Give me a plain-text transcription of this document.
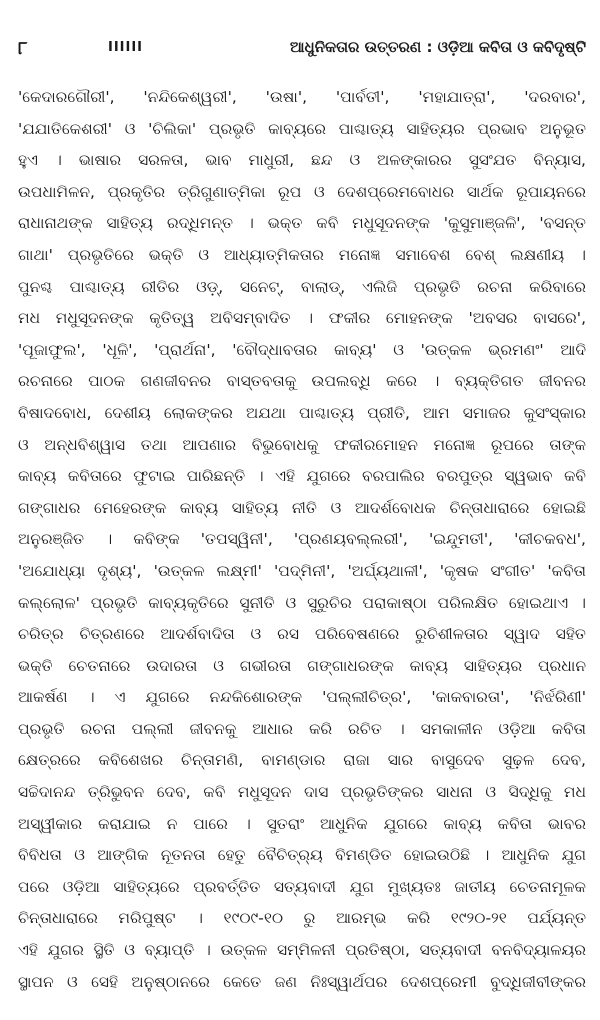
୮	IIIIII	ଆଧୁନିକତାର ଉତ୍ତରଣ : ଓଡ଼ିଆ କବିତା ଓ କବିଦୃଷ୍ଟି
'କେଦାରଗୌରୀ', 'ନନ୍ଦିକେଶ୍ୱରୀ', 'ଉଷା', 'ପାର୍ବତୀ', 'ମହାଯାତ୍ରା', 'ଦରବାର',
'ଯଯାତିକେଶରୀ' ଓ 'ଚିଲିକା' ପ୍ରଭୃତି କାବ୍ୟରେ ପାଶ୍ଚାତ୍ୟ ସାହିତ୍ୟର ପ୍ରଭାବ ଅନୁଭୂତ
ହୁଏ । ଭାଷାର ସରଳତା, ଭାବ ମାଧୁରୀ, ଛନ୍ଦ ଓ ଅଳଙ୍କାରର ସୁସଂଯତ ବିନ୍ୟାସ,
ଉପଧାମିଳନ, ପ୍ରକୃତିର ତ୍ରିଗୁଣାତ୍ମିକା ରୂପ ଓ ଦେଶପ୍ରେମବୋଧର ସାର୍ଥକ ରୂପାୟନରେ
ରାଧାନାଥଙ୍କ ସାହିତ୍ୟ ରଦ୍ଧିମନ୍ତ । ଭକ୍ତ କବି ମଧୁସୂଦନଙ୍କ 'କୁସୁମାଞ୍ଜଳି', 'ବସନ୍ତ
ଗାଥା' ପ୍ରଭୃତିରେ ଭକ୍ତି ଓ ଆଧ୍ୟାତ୍ମିକତାର ମନୋଜ୍ଞ ସମାବେଶ ବେଶ୍ ଲକ୍ଷଣୀୟ ।
ପୁନଶ୍ଚ ପାଶ୍ଚାତ୍ୟ ରୀତିର ଓଡ଼୍, ସନେଟ୍, ବାଲାଡ୍, ଏଲିଜି ପ୍ରଭୃତି ରଚନା କରିବାରେ
ମଧ ମଧୁସୂଦନଙ୍କ କୃତିତ୍ୱ ଅବିସମ୍ବାଦିତ । ଫକୀର ମୋହନଙ୍କ 'ଅବସର ବାସରେ',
'ପୂଜାଫୁଲ', 'ଧୂଳି', 'ପ୍ରାର୍ଥନା', 'ବୌଦ୍ଧାବତାର କାବ୍ୟ' ଓ 'ଉତ୍କଳ ଭ୍ରମଣଂ' ଆଦି
ରଚନାରେ ପାଠକ ଗଣଜୀବନର ବାସ୍ତବତାକୁ ଉପଲବ୍ଧି କରେ । ବ୍ୟକ୍ତିଗତ ଜୀବନର
ବିଷାଦବୋଧ, ଦେଶୀୟ ଲୋକଙ୍କର ଅଯଥା ପାଶ୍ଚାତ୍ୟ ପ୍ରୀତି, ଆମ ସମାଜର କୁସଂସ୍କାର
ଓ ଅନ୍ଧବିଶ୍ୱାସ ତଥା ଆପଣାର ବିଭୁବୋଧକୁ ଫକୀରମୋହନ ମନୋଜ୍ଞ ରୂପରେ ତାଙ୍କ
କାବ୍ୟ କବିତାରେ ଫୁଟାଇ ପାରିଛନ୍ତି । ଏହି ଯୁଗରେ ବରପାଲିର ବରପୁତ୍ର ସ୍ୱଭାବ କବି
ଗଙ୍ଗାଧର ମେହେରଙ୍କ କାବ୍ୟ ସାହିତ୍ୟ ନୀତି ଓ ଆଦର୍ଶବୋଧକ ଚିନ୍ତାଧାରାରେ ହୋଇଛି
ଅନୁରଞ୍ଜିତ । କବିଙ୍କ 'ତପସ୍ୱିନୀ', 'ପ୍ରଣୟବଲ୍ଲରୀ', 'ଇନ୍ଦୁମତୀ', 'କୀଚକବଧ',
'ଅଯୋଧ୍ୟା ଦୃଶ୍ୟ', 'ଉତ୍କଳ ଲକ୍ଷ୍ମୀ' 'ପଦ୍ମିନୀ', 'ଅର୍ଘ୍ୟଥାଳୀ', 'କୃଷକ ସଂଗୀତ' 'କବିତା
କଲ୍ଲୋଳ' ପ୍ରଭୃତି କାବ୍ୟକୃତିରେ ସୁନୀତି ଓ ସୁରୁଚିର ପରାକାଷ୍ଠା ପରିଲକ୍ଷିତ ହୋଇଥାଏ ।
ଚରିତ୍ର ଚିତ୍ରଣରେ ଆଦର୍ଶବାଦିତା ଓ ରସ ପରିବେଷଣରେ ରୁଚିଶୀଳତାର ସ୍ୱାଦ ସହିତ
ଭକ୍ତି ଚେତନାରେ ଉଦାରତା ଓ ଗଭୀରତା ଗଙ୍ଗାଧରଙ୍କ କାବ୍ୟ ସାହିତ୍ୟର ପ୍ରଧାନ
ଆକର୍ଷଣ । ଏ ଯୁଗରେ ନନ୍ଦକିଶୋରଙ୍କ 'ପଲ୍ଲୀଚିତ୍ର', 'କାକବାରତା', 'ନିର୍ଝରିଣୀ'
ପ୍ରଭୃତି ରଚନା ପଲ୍ଲୀ ଜୀବନକୁ ଆଧାର କରି ରଚିତ । ସମକାଳୀନ ଓଡ଼ିଆ କବିତା
କ୍ଷେତ୍ରରେ କବିଶେଖର ଚିନ୍ତାମଣି, ବାମଣ୍ଡାର ରାଜା ସାର ବାସୁଦେବ ସୁଢ଼ଳ ଦେବ,
ସଚ୍ଚିଦାନନ୍ଦ ତ୍ରିଭୁବନ ଦେବ, କବି ମଧୁସୂଦନ ଦାସ ପ୍ରଭୃତିଙ୍କର ସାଧନା ଓ ସିଦ୍ଧିକୁ ମଧ
ଅସ୍ୱୀକାର କରାଯାଇ ନ ପାରେ । ସୁତରାଂ ଆଧୁନିକ ଯୁଗରେ କାବ୍ୟ କବିତା ଭାବର
ବିବିଧତା ଓ ଆଙ୍ଗିକ ନୂତନତା ହେତୁ ବୈଚିତ୍ର୍ୟ ବିମଣ୍ଡିତ ହୋଇଉଠିଛି । ଆଧୁନିକ ଯୁଗ
ପରେ ଓଡ଼ିଆ ସାହିତ୍ୟରେ ପ୍ରବର୍ତ୍ତିତ ସତ୍ୟବାଦୀ ଯୁଗ ମୁଖ୍ୟତଃ ଜାତୀୟ ଚେତନାମୂଳକ
ଚିନ୍ତାଧାରାରେ ମରିପୁଷ୍ଟ । ୧୯୦୯-୧୦ ରୁ ଆରମ୍ଭ କରି ୧୯୨୦-୨୧ ପର୍ଯ୍ୟନ୍ତ
ଏହି ଯୁଗର ସ୍ଥିତି ଓ ବ୍ୟାପ୍ତି । ଉତ୍କଳ ସମ୍ମିଳନୀ ପ୍ରତିଷ୍ଠା, ସତ୍ୟବାଦୀ ବନବିଦ୍ୟାଳୟର
ସ୍ଥାପନ ଓ ସେହି ଅନୁଷ୍ଠାନରେ କେତେ ଜଣ ନିଃସ୍ୱାର୍ଥପର ଦେଶପ୍ରେମୀ ବୁଦ୍ଧିଜୀବୀଙ୍କର
